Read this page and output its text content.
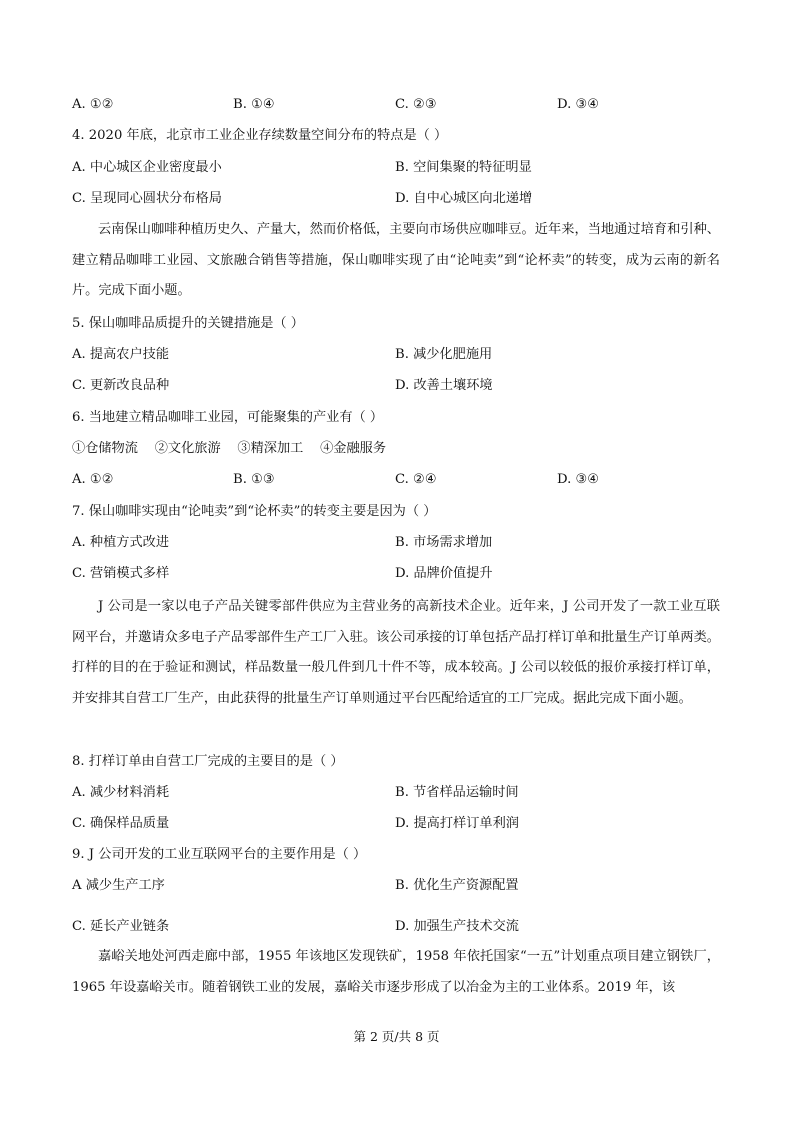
A. ①②	B. ①④	C. ②③	D. ③④
4. 2020 年底，北京市工业企业存续数量空间分布的特点是（ ）
A. 中心城区企业密度最小	B. 空间集聚的特征明显
C. 呈现同心圆状分布格局	D. 自中心城区向北递增
云南保山咖啡种植历史久、产量大，然而价格低，主要向市场供应咖啡豆。近年来，当地通过培育和引种、建立精品咖啡工业园、文旅融合销售等措施，保山咖啡实现了由“论吨卖”到“论杯卖”的转变，成为云南的新名片。完成下面小题。
5. 保山咖啡品质提升的关键措施是（ ）
A. 提高农户技能	B. 减少化肥施用
C. 更新改良品种	D. 改善土壤环境
6. 当地建立精品咖啡工业园，可能聚集的产业有（ ）
①仓储物流    ②文化旅游    ③精深加工    ④金融服务
A. ①②	B. ①③	C. ②④	D. ③④
7. 保山咖啡实现由“论吨卖”到“论杯卖”的转变主要是因为（ ）
A. 种植方式改进	B. 市场需求增加
C. 营销模式多样	D. 品牌价值提升
J 公司是一家以电子产品关键零部件供应为主营业务的高新技术企业。近年来，J 公司开发了一款工业互联网平台，并邀请众多电子产品零部件生产工厂入驻。该公司承接的订单包括产品打样订单和批量生产订单两类。打样的目的在于验证和测试，样品数量一般几件到几十件不等，成本较高。J 公司以较低的报价承接打样订单，并安排其自营工厂生产，由此获得的批量生产订单则通过平台匹配给适宜的工厂完成。据此完成下面小题。
8. 打样订单由自营工厂完成的主要目的是（ ）
A. 减少材料消耗	B. 节省样品运输时间
C. 确保样品质量	D. 提高打样订单利润
9. J 公司开发的工业互联网平台的主要作用是（ ）
A 减少生产工序	B. 优化生产资源配置
C. 延长产业链条	D. 加强生产技术交流
嘉峪关地处河西走廊中部，1955 年该地区发现铁矿，1958 年依托国家“一五”计划重点项目建立钢铁厂，1965 年设嘉峪关市。随着钢铁工业的发展，嘉峪关市逐步形成了以冶金为主的工业体系。2019 年，该
第 2 页/共 8 页
